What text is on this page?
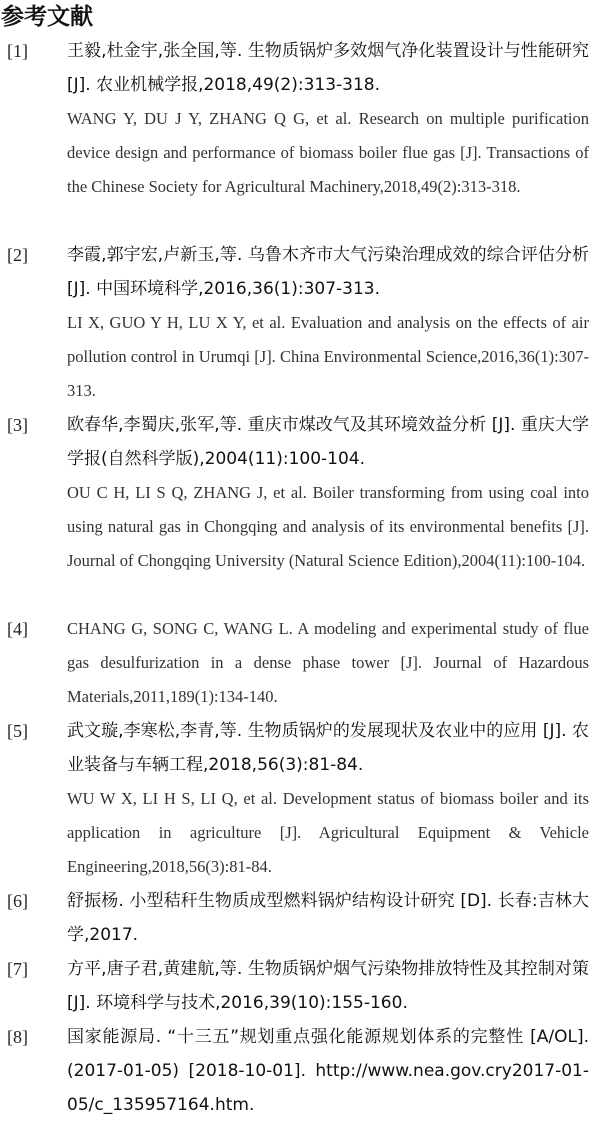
参考文献
[1] 王毅,杜金宇,张全国,等. 生物质锅炉多效烟气净化装置设计与性能研究 [J]. 农业机械学报,2018,49(2):313-318.
WANG Y, DU J Y, ZHANG Q G, et al. Research on multiple purification device design and performance of biomass boiler flue gas [J]. Transactions of the Chinese Society for Agricultural Machinery,2018,49(2):313-318.
[2] 李霞,郭宇宏,卢新玉,等. 乌鲁木齐市大气污染治理成效的综合评估分析 [J]. 中国环境科学,2016,36(1):307-313.
LI X, GUO Y H, LU X Y, et al. Evaluation and analysis on the effects of air pollution control in Urumqi [J]. China Environmental Science,2016,36(1):307-313.
[3] 欧春华,李蜀庆,张军,等. 重庆市煤改气及其环境效益分析 [J]. 重庆大学学报(自然科学版),2004(11):100-104.
OU C H, LI S Q, ZHANG J, et al. Boiler transforming from using coal into using natural gas in Chongqing and analysis of its environmental benefits [J]. Journal of Chongqing University (Natural Science Edition),2004(11):100-104.
[4] CHANG G, SONG C, WANG L. A modeling and experimental study of flue gas desulfurization in a dense phase tower [J]. Journal of Hazardous Materials,2011,189(1):134-140.
[5] 武文璇,李寒松,李青,等. 生物质锅炉的发展现状及农业中的应用 [J]. 农业装备与车辆工程,2018,56(3):81-84.
WU W X, LI H S, LI Q, et al. Development status of biomass boiler and its application in agriculture [J]. Agricultural Equipment & Vehicle Engineering,2018,56(3):81-84.
[6] 舒振杨. 小型秸秆生物质成型燃料锅炉结构设计研究 [D]. 长春:吉林大学,2017.
[7] 方平,唐子君,黄建航,等. 生物质锅炉烟气污染物排放特性及其控制对策 [J]. 环境科学与技术,2016,39(10):155-160.
[8] 国家能源局. “十三五”规划重点强化能源规划体系的完整性 [A/OL]. (2017-01-05) [2018-10-01]. http://www.nea.gov.cry2017-01-05/c_135957164.htm.
